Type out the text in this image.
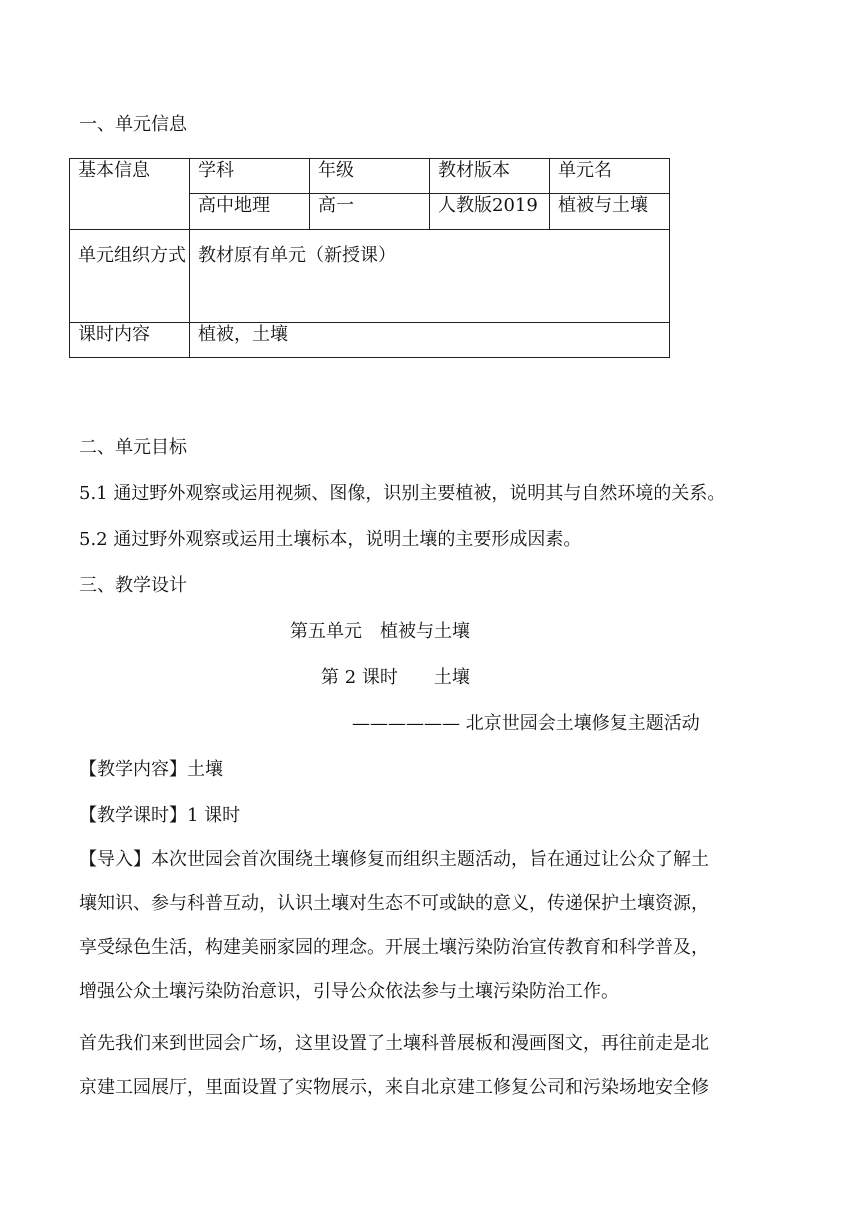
一、单元信息
基本信息	学科	年级	教材版本	单元名
	高中地理	高一	人教版2019	植被与土壤

单元组织方式	教材原有单元（新授课）			

课时内容	植被，土壤			
二、单元目标
5.1 通过野外观察或运用视频、图像，识别主要植被，说明其与自然环境的关系。
5.2 通过野外观察或运用土壤标本，说明土壤的主要形成因素。
三、教学设计
第五单元　植被与土壤
第 2 课时　　土壤
—————— 北京世园会土壤修复主题活动
【教学内容】土壤
【教学课时】1 课时
【导入】本次世园会首次围绕土壤修复而组织主题活动，旨在通过让公众了解土
壤知识、参与科普互动，认识土壤对生态不可或缺的意义，传递保护土壤资源，
享受绿色生活，构建美丽家园的理念。开展土壤污染防治宣传教育和科学普及，
增强公众土壤污染防治意识，引导公众依法参与土壤污染防治工作。
首先我们来到世园会广场，这里设置了土壤科普展板和漫画图文，再往前走是北
京建工园展厅，里面设置了实物展示，来自北京建工修复公司和污染场地安全修
